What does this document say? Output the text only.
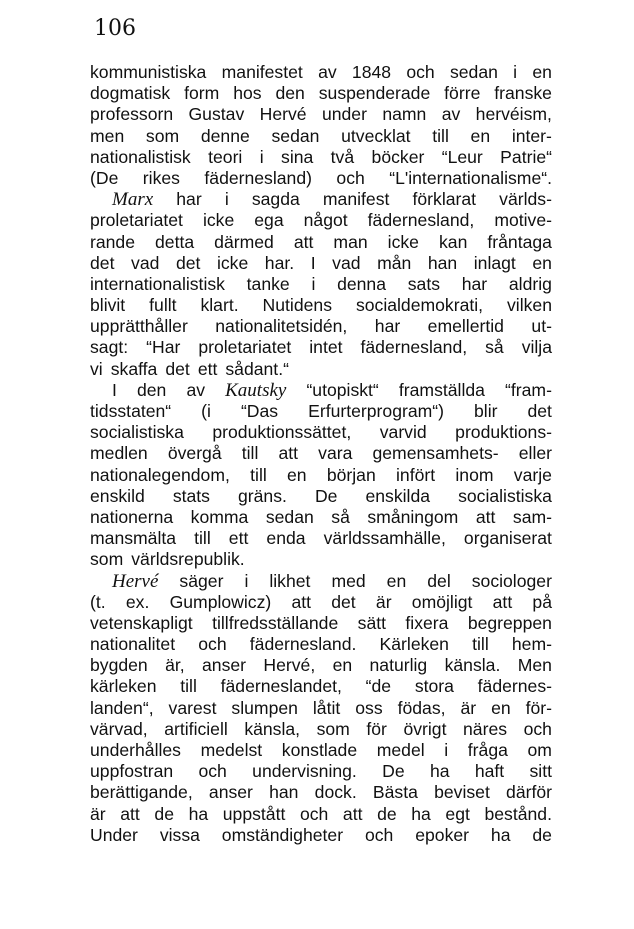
106
kommunistiska manifestet av 1848 och sedan i en
dogmatisk form hos den suspenderade förre franske
professorn Gustav Hervé under namn av hervéism,
men som denne sedan utvecklat till en inter-
nationalistisk teori i sina två böcker “Leur Patrie“
(De rikes fädernesland) och “L'internationalisme“.
Marx har i sagda manifest förklarat världs-
proletariatet icke ega något fädernesland, motive-
rande detta därmed att man icke kan fråntaga
det vad det icke har. I vad mån han inlagt en
internationalistisk tanke i denna sats har aldrig
blivit fullt klart. Nutidens socialdemokrati, vilken
upprätthåller nationalitetsidén, har emellertid ut-
sagt: “Har proletariatet intet fädernesland, så vilja
vi skaffa det ett sådant.“
I den av Kautsky “utopiskt“ framställda “fram-
tidsstaten“ (i “Das Erfurterprogram“) blir det
socialistiska produktionssättet, varvid produktions-
medlen övergå till att vara gemensamhets- eller
nationalegendom, till en början infört inom varje
enskild stats gräns. De enskilda socialistiska
nationerna komma sedan så småningom att sam-
mansmälta till ett enda världssamhälle, organiserat
som världsrepublik.
Hervé säger i likhet med en del sociologer
(t. ex. Gumplowicz) att det är omöjligt att på
vetenskapligt tillfredsställande sätt fixera begreppen
nationalitet och fädernesland. Kärleken till hem-
bygden är, anser Hervé, en naturlig känsla. Men
kärleken till fäderneslandet, “de stora fädernes-
landen“, varest slumpen låtit oss födas, är en för-
värvad, artificiell känsla, som för övrigt näres och
underhålles medelst konstlade medel i fråga om
uppfostran och undervisning. De ha haft sitt
berättigande, anser han dock. Bästa beviset därför
är att de ha uppstått och att de ha egt bestånd.
Under vissa omständigheter och epoker ha de
